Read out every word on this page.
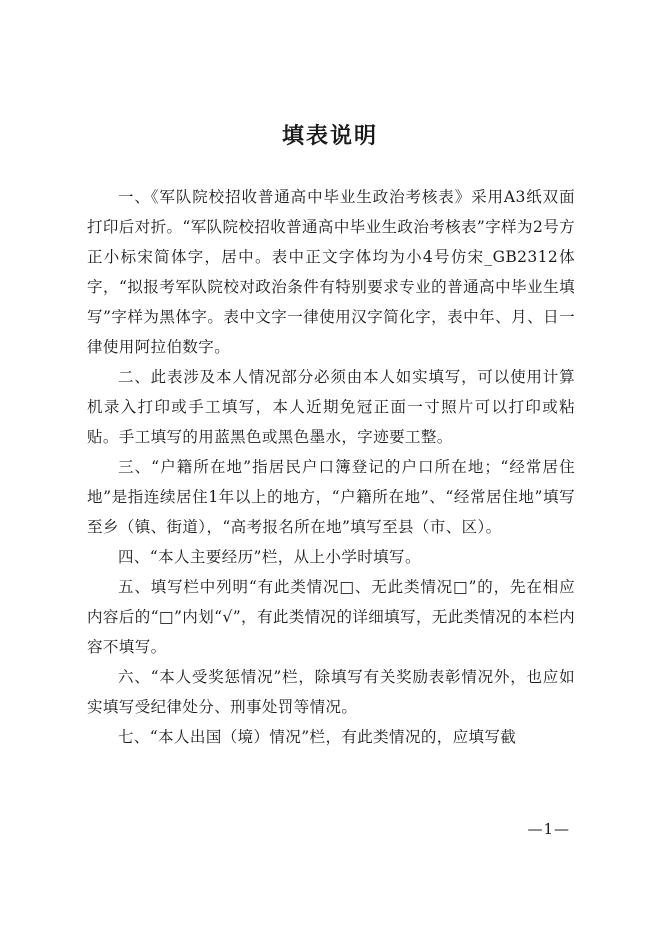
填表说明

一、《军队院校招收普通高中毕业生政治考核表》采用A3纸双面打印后对折。“军队院校招收普通高中毕业生政治考核表”字样为2号方正小标宋简体字，居中。表中正文字体均为小4号仿宋_GB2312体字，“拟报考军队院校对政治条件有特别要求专业的普通高中毕业生填写”字样为黑体字。表中文字一律使用汉字简化字，表中年、月、日一律使用阿拉伯数字。

二、此表涉及本人情况部分必须由本人如实填写，可以使用计算机录入打印或手工填写，本人近期免冠正面一寸照片可以打印或粘贴。手工填写的用蓝黑色或黑色墨水，字迹要工整。

三、“户籍所在地”指居民户口簿登记的户口所在地；“经常居住地”是指连续居住1年以上的地方，“户籍所在地”、“经常居住地”填写至乡（镇、街道），“高考报名所在地”填写至县（市、区）。

四、“本人主要经历”栏，从上小学时填写。

五、填写栏中列明“有此类情况□、无此类情况□”的，先在相应内容后的“□”内划“√”，有此类情况的详细填写，无此类情况的本栏内容不填写。

六、“本人受奖惩情况”栏，除填写有关奖励表彰情况外，也应如实填写受纪律处分、刑事处罚等情况。

七、“本人出国（境）情况”栏，有此类情况的，应填写截

—1—
